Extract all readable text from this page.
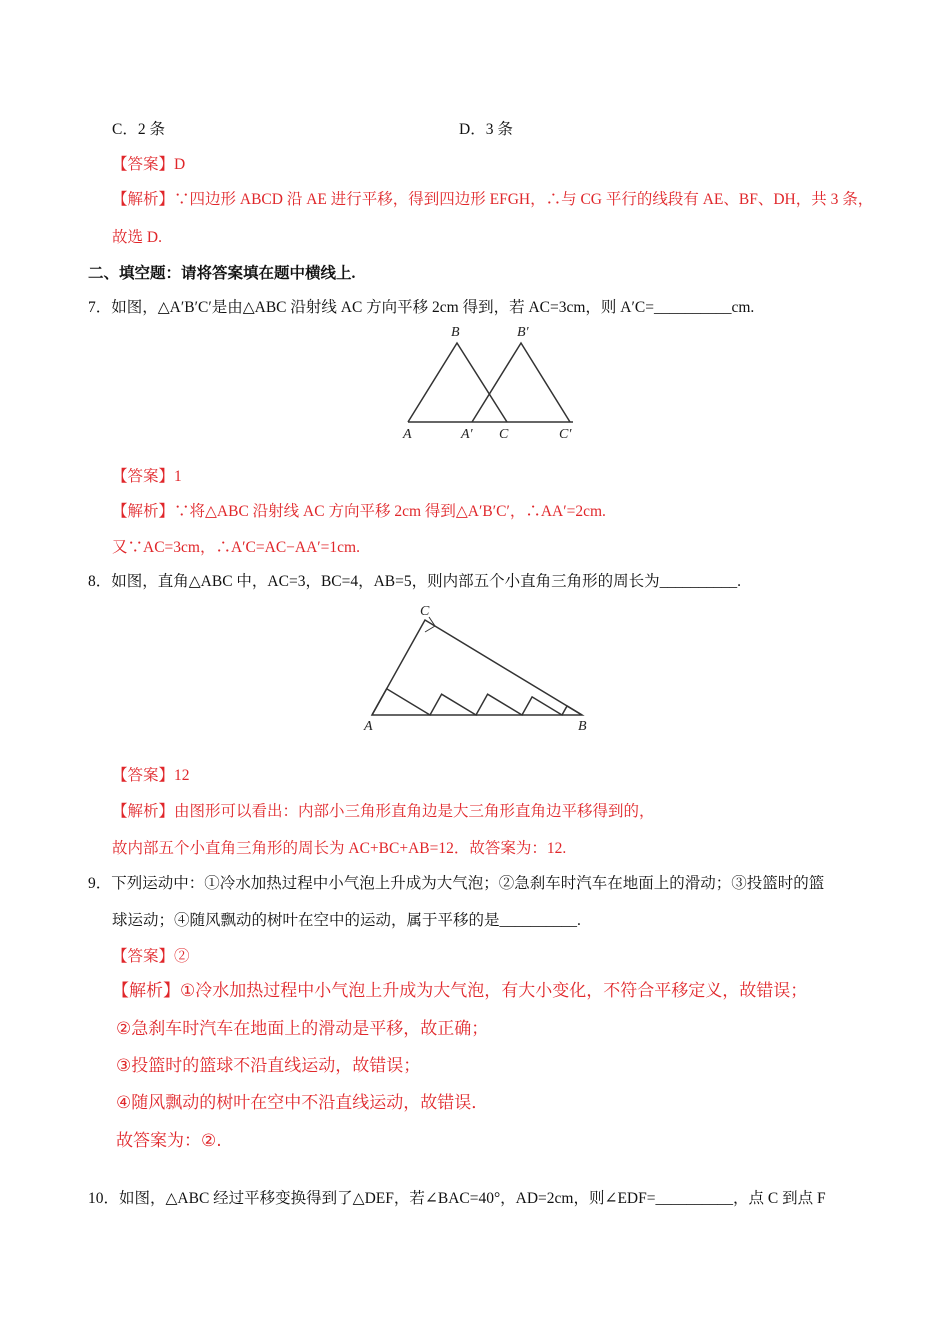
C．2 条	D．3 条
【答案】D
【解析】∵四边形 ABCD 沿 AE 进行平移，得到四边形 EFGH，∴与 CG 平行的线段有 AE、BF、DH，共 3 条，
故选 D.
二、填空题：请将答案填在题中横线上.
7．如图，△A′B′C′是由△ABC 沿射线 AC 方向平移 2cm 得到，若 AC=3cm，则 A′C=__________cm.
B	B′
A	A′ C	C′
【答案】1
【解析】∵将△ABC 沿射线 AC 方向平移 2cm 得到△A′B′C′，∴AA′=2cm.
又∵AC=3cm，∴A′C=AC−AA′=1cm.
8．如图，直角△ABC 中，AC=3，BC=4，AB=5，则内部五个小直角三角形的周长为__________.
C
A	B
【答案】12
【解析】由图形可以看出：内部小三角形直角边是大三角形直角边平移得到的，
故内部五个小直角三角形的周长为 AC+BC+AB=12．故答案为：12.
9．下列运动中：①冷水加热过程中小气泡上升成为大气泡；②急刹车时汽车在地面上的滑动；③投篮时的篮
球运动；④随风飘动的树叶在空中的运动，属于平移的是__________.
【答案】②
【解析】①冷水加热过程中小气泡上升成为大气泡，有大小变化，不符合平移定义，故错误；
②急刹车时汽车在地面上的滑动是平移，故正确；
③投篮时的篮球不沿直线运动，故错误；
④随风飘动的树叶在空中不沿直线运动，故错误．
故答案为：②.
10．如图，△ABC 经过平移变换得到了△DEF，若∠BAC=40°，AD=2cm，则∠EDF=__________，点 C 到点 F
